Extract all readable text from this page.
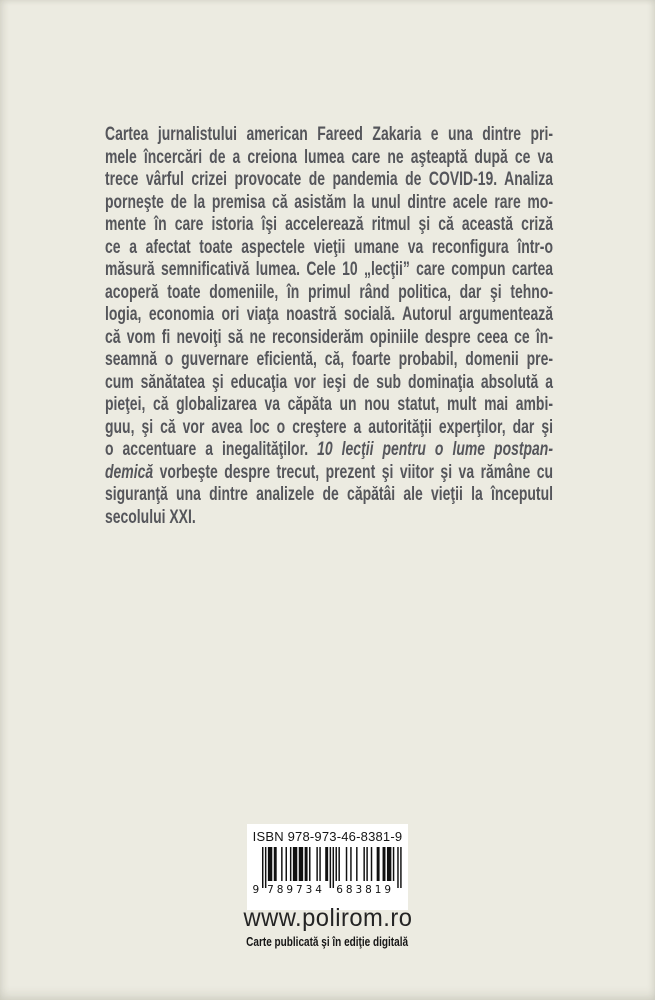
Cartea jurnalistului american Fareed Zakaria e una dintre pri-
mele încercări de a creiona lumea care ne aşteaptă după ce va
trece vârful crizei provocate de pandemia de COVID-19. Analiza
porneşte de la premisa că asistăm la unul dintre acele rare mo-
mente în care istoria îşi accelerează ritmul şi că această criză
ce a afectat toate aspectele vieţii umane va reconfigura într-o
măsură semnificativă lumea. Cele 10 „lecţii” care compun cartea
acoperă toate domeniile, în primul rând politica, dar şi tehno-
logia, economia ori viaţa noastră socială. Autorul argumentează
că vom fi nevoiţi să ne reconsiderăm opiniile despre ceea ce în-
seamnă o guvernare eficientă, că, foarte probabil, domenii pre-
cum sănătatea şi educaţia vor ieşi de sub dominaţia absolută a
pieţei, că globalizarea va căpăta un nou statut, mult mai ambi-
guu, şi că vor avea loc o creştere a autorităţii experţilor, dar şi
o accentuare a inegalităţilor. 10 lecţii pentru o lume postpan-
demică vorbeşte despre trecut, prezent şi viitor şi va rămâne cu
siguranţă una dintre analizele de căpătâi ale vieţii la începutul
secolului XXI.
ISBN 978-973-46-8381-9
9 789734 683819
www.polirom.ro
Carte publicată şi în ediţie digitală
